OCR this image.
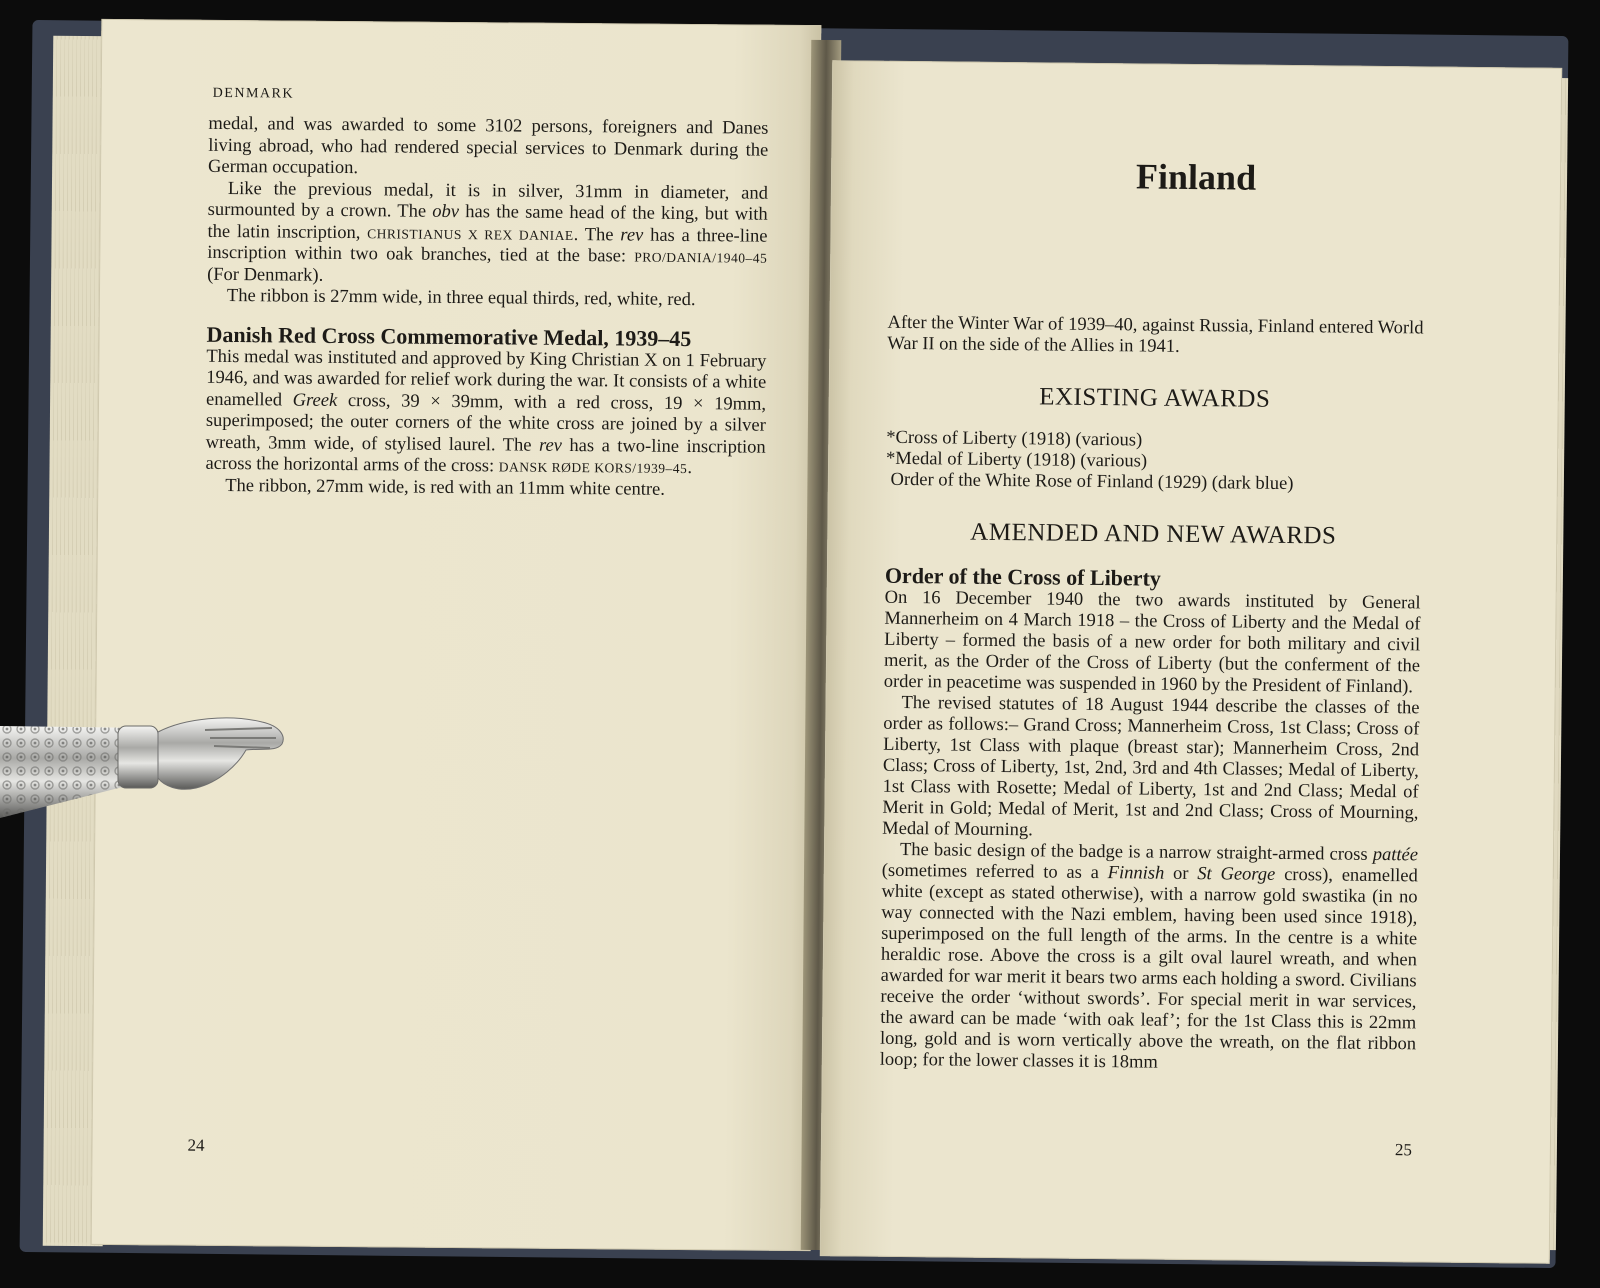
DENMARK

medal, and was awarded to some 3102 persons, foreigners and Danes living abroad, who had rendered special services to Denmark during the German occupation.

Like the previous medal, it is in silver, 31mm in diameter, and surmounted by a crown. The obv has the same head of the king, but with the latin inscription, CHRISTIANUS X REX DANIAE. The rev has a three-line inscription within two oak branches, tied at the base: PRO/DANIA/1940–45 (For Denmark).

The ribbon is 27mm wide, in three equal thirds, red, white, red.

Danish Red Cross Commemorative Medal, 1939–45

This medal was instituted and approved by King Christian X on 1 February 1946, and was awarded for relief work during the war. It consists of a white enamelled Greek cross, 39 × 39mm, with a red cross, 19 × 19mm, superimposed; the outer corners of the white cross are joined by a silver wreath, 3mm wide, of stylised laurel. The rev has a two-line inscription across the horizontal arms of the cross: DANSK RØDE KORS/1939–45.

The ribbon, 27mm wide, is red with an 11mm white centre.

24
Finland

After the Winter War of 1939–40, against Russia, Finland entered World War II on the side of the Allies in 1941.

EXISTING AWARDS
*Cross of Liberty (1918) (various)
*Medal of Liberty (1918) (various)
Order of the White Rose of Finland (1929) (dark blue)
AMENDED AND NEW AWARDS
Order of the Cross of Liberty

On 16 December 1940 the two awards instituted by General Mannerheim on 4 March 1918 – the Cross of Liberty and the Medal of Liberty – formed the basis of a new order for both military and civil merit, as the Order of the Cross of Liberty (but the conferment of the order in peacetime was suspended in 1960 by the President of Finland).

The revised statutes of 18 August 1944 describe the classes of the order as follows:– Grand Cross; Mannerheim Cross, 1st Class; Cross of Liberty, 1st Class with plaque (breast star); Mannerheim Cross, 2nd Class; Cross of Liberty, 1st, 2nd, 3rd and 4th Classes; Medal of Liberty, 1st Class with Rosette; Medal of Liberty, 1st and 2nd Class; Medal of Merit in Gold; Medal of Merit, 1st and 2nd Class; Cross of Mourning, Medal of Mourning.

The basic design of the badge is a narrow straight-armed cross pattée (sometimes referred to as a Finnish or St George cross), enamelled white (except as stated otherwise), with a narrow gold swastika (in no way connected with the Nazi emblem, having been used since 1918), superimposed on the full length of the arms. In the centre is a white heraldic rose. Above the cross is a gilt oval laurel wreath, and when awarded for war merit it bears two arms each holding a sword. Civilians receive the order ‘without swords’. For special merit in war services, the award can be made ‘with oak leaf’; for the 1st Class this is 22mm long, gold and is worn vertically above the wreath, on the flat ribbon loop; for the lower classes it is 18mm

25
